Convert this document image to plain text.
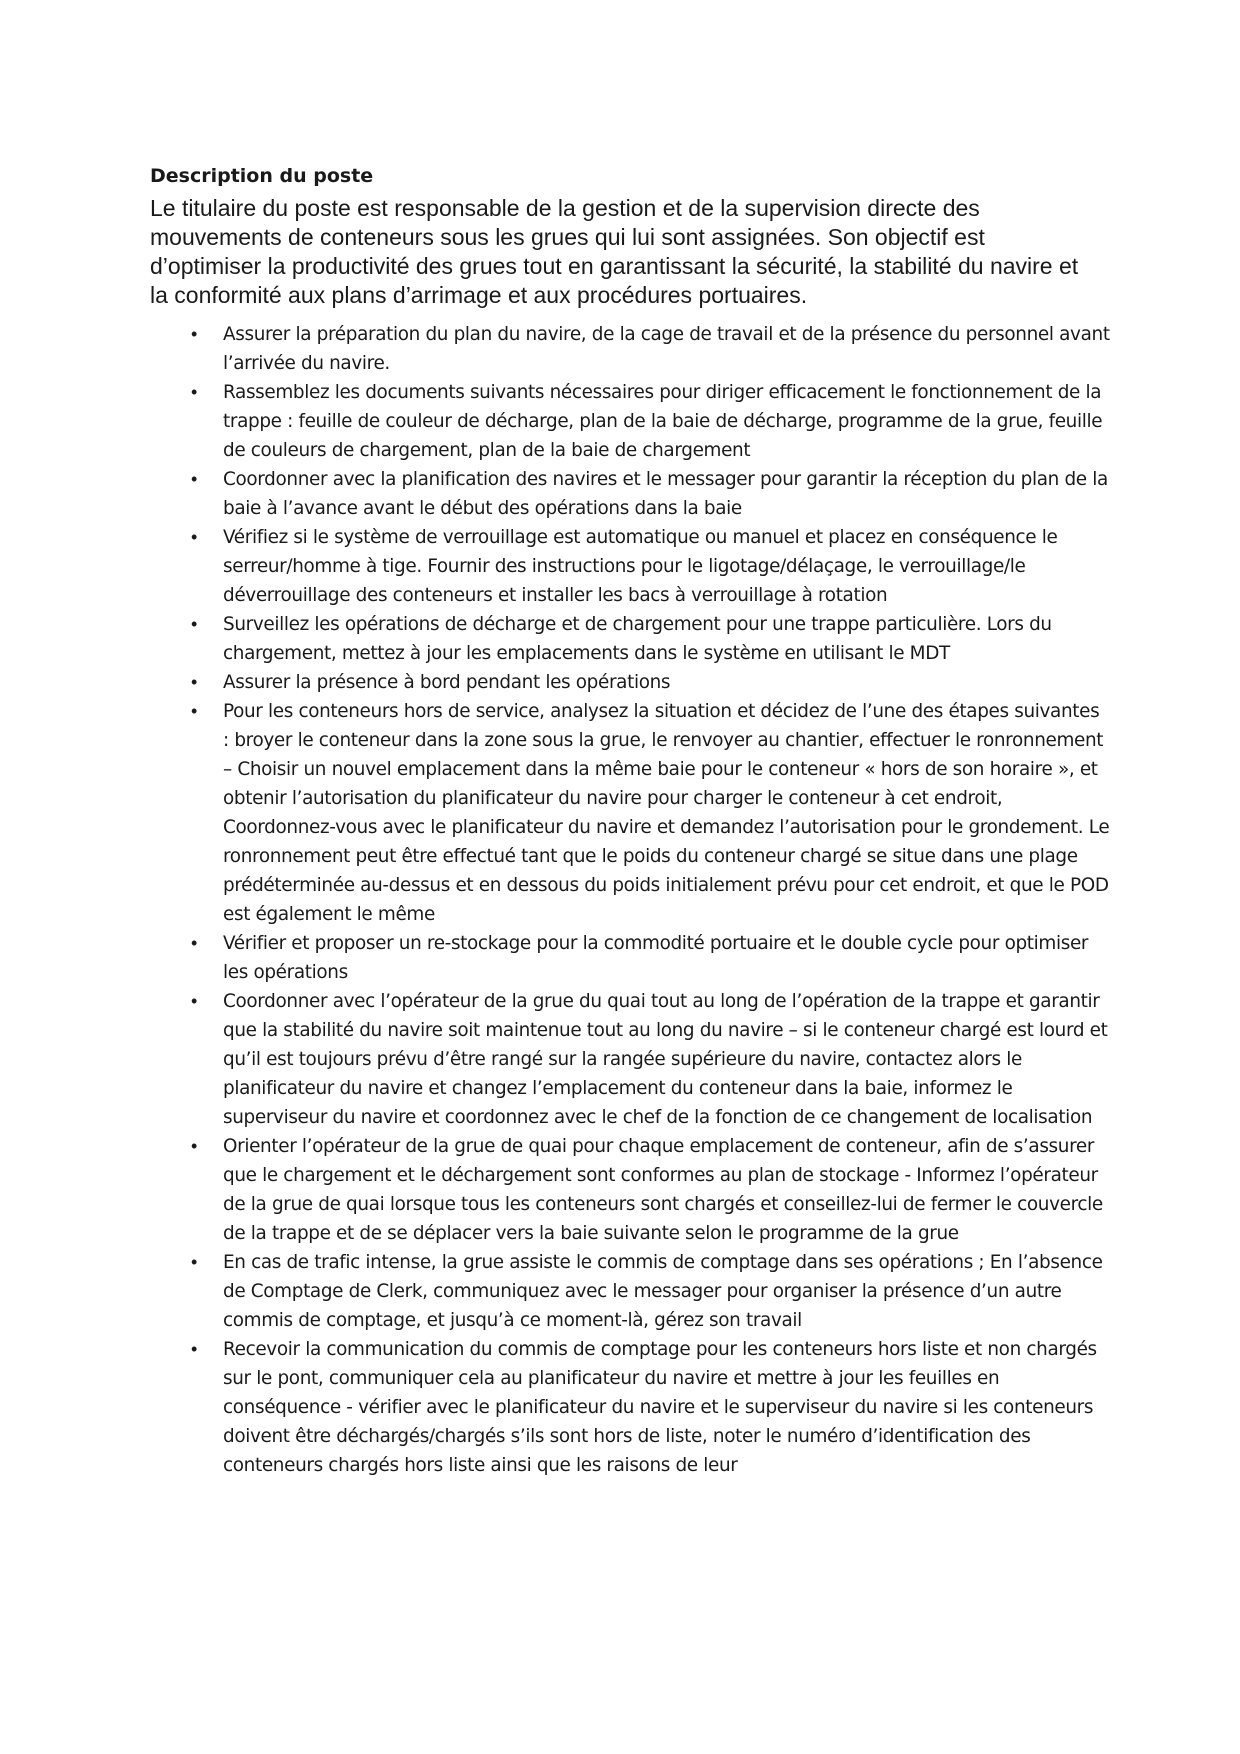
Description du poste

Le titulaire du poste est responsable de la gestion et de la supervision directe des mouvements de conteneurs sous les grues qui lui sont assignées. Son objectif est d’optimiser la productivité des grues tout en garantissant la sécurité, la stabilité du navire et la conformité aux plans d’arrimage et aux procédures portuaires.

• Assurer la préparation du plan du navire, de la cage de travail et de la présence du personnel avant l’arrivée du navire.
• Rassemblez les documents suivants nécessaires pour diriger efficacement le fonctionnement de la trappe : feuille de couleur de décharge, plan de la baie de décharge, programme de la grue, feuille de couleurs de chargement, plan de la baie de chargement
• Coordonner avec la planification des navires et le messager pour garantir la réception du plan de la baie à l’avance avant le début des opérations dans la baie
• Vérifiez si le système de verrouillage est automatique ou manuel et placez en conséquence le serreur/homme à tige. Fournir des instructions pour le ligotage/délaçage, le verrouillage/le déverrouillage des conteneurs et installer les bacs à verrouillage à rotation
• Surveillez les opérations de décharge et de chargement pour une trappe particulière. Lors du chargement, mettez à jour les emplacements dans le système en utilisant le MDT
• Assurer la présence à bord pendant les opérations
• Pour les conteneurs hors de service, analysez la situation et décidez de l’une des étapes suivantes : broyer le conteneur dans la zone sous la grue, le renvoyer au chantier, effectuer le ronronnement – Choisir un nouvel emplacement dans la même baie pour le conteneur « hors de son horaire », et obtenir l’autorisation du planificateur du navire pour charger le conteneur à cet endroit, Coordonnez-vous avec le planificateur du navire et demandez l’autorisation pour le grondement. Le ronronnement peut être effectué tant que le poids du conteneur chargé se situe dans une plage prédéterminée au-dessus et en dessous du poids initialement prévu pour cet endroit, et que le POD est également le même
• Vérifier et proposer un re-stockage pour la commodité portuaire et le double cycle pour optimiser les opérations
• Coordonner avec l’opérateur de la grue du quai tout au long de l’opération de la trappe et garantir que la stabilité du navire soit maintenue tout au long du navire – si le conteneur chargé est lourd et qu’il est toujours prévu d’être rangé sur la rangée supérieure du navire, contactez alors le planificateur du navire et changez l’emplacement du conteneur dans la baie, informez le superviseur du navire et coordonnez avec le chef de la fonction de ce changement de localisation
• Orienter l’opérateur de la grue de quai pour chaque emplacement de conteneur, afin de s’assurer que le chargement et le déchargement sont conformes au plan de stockage - Informez l’opérateur de la grue de quai lorsque tous les conteneurs sont chargés et conseillez-lui de fermer le couvercle de la trappe et de se déplacer vers la baie suivante selon le programme de la grue
• En cas de trafic intense, la grue assiste le commis de comptage dans ses opérations ; En l’absence de Comptage de Clerk, communiquez avec le messager pour organiser la présence d’un autre commis de comptage, et jusqu’à ce moment-là, gérez son travail
• Recevoir la communication du commis de comptage pour les conteneurs hors liste et non chargés sur le pont, communiquer cela au planificateur du navire et mettre à jour les feuilles en conséquence - vérifier avec le planificateur du navire et le superviseur du navire si les conteneurs doivent être déchargés/chargés s’ils sont hors de liste, noter le numéro d’identification des conteneurs chargés hors liste ainsi que les raisons de leur
